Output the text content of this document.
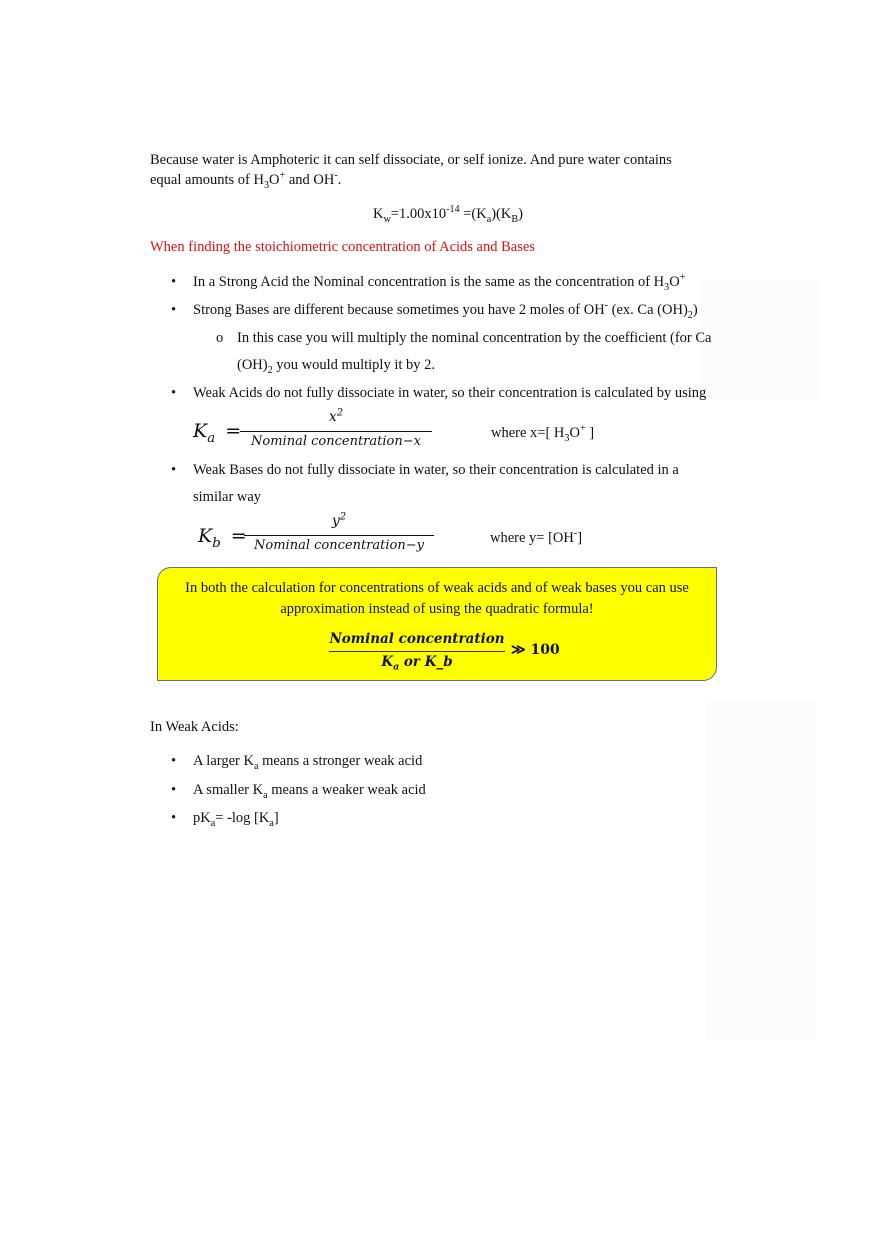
Because water is Amphoteric it can self dissociate, or self ionize. And pure water contains
equal amounts of $H_3O^+$ and OH-.
$K_w=1.00x10^{-14} =(K_a)(K_B)$
When finding the stoichiometric concentration of Acids and Bases
• In a Strong Acid the Nominal concentration is the same as the concentration of $H_3O^+$
• Strong Bases are different because sometimes you have 2 moles of OH- (ex. Ca $(OH)_2$)
o In this case you will multiply the nominal concentration by the coefficient (for Ca
$(OH)_2$ you would multiply it by 2.
• Weak Acids do not fully dissociate in water, so their concentration is calculated by using
$K_a$ =
$x^2$
Nominal concentration−x
where x=[ $H_3O^+$ ]
• Weak Bases do not fully dissociate in water, so their concentration is calculated in a
similar way
$K_b$ =
$y^2$
Nominal concentration−y	where y= [OH-]
In both the calculation for concentrations of weak acids and of weak bases you can use
approximation instead of using the quadratic formula!
Nominal concentration
$K_a$ or K_b
≫ 100
In Weak Acids:
• A larger $K_a$ means a stronger weak acid
• A smaller $K_a$ means a weaker weak acid
• $pK_a= -\log$ $[K_a]$
